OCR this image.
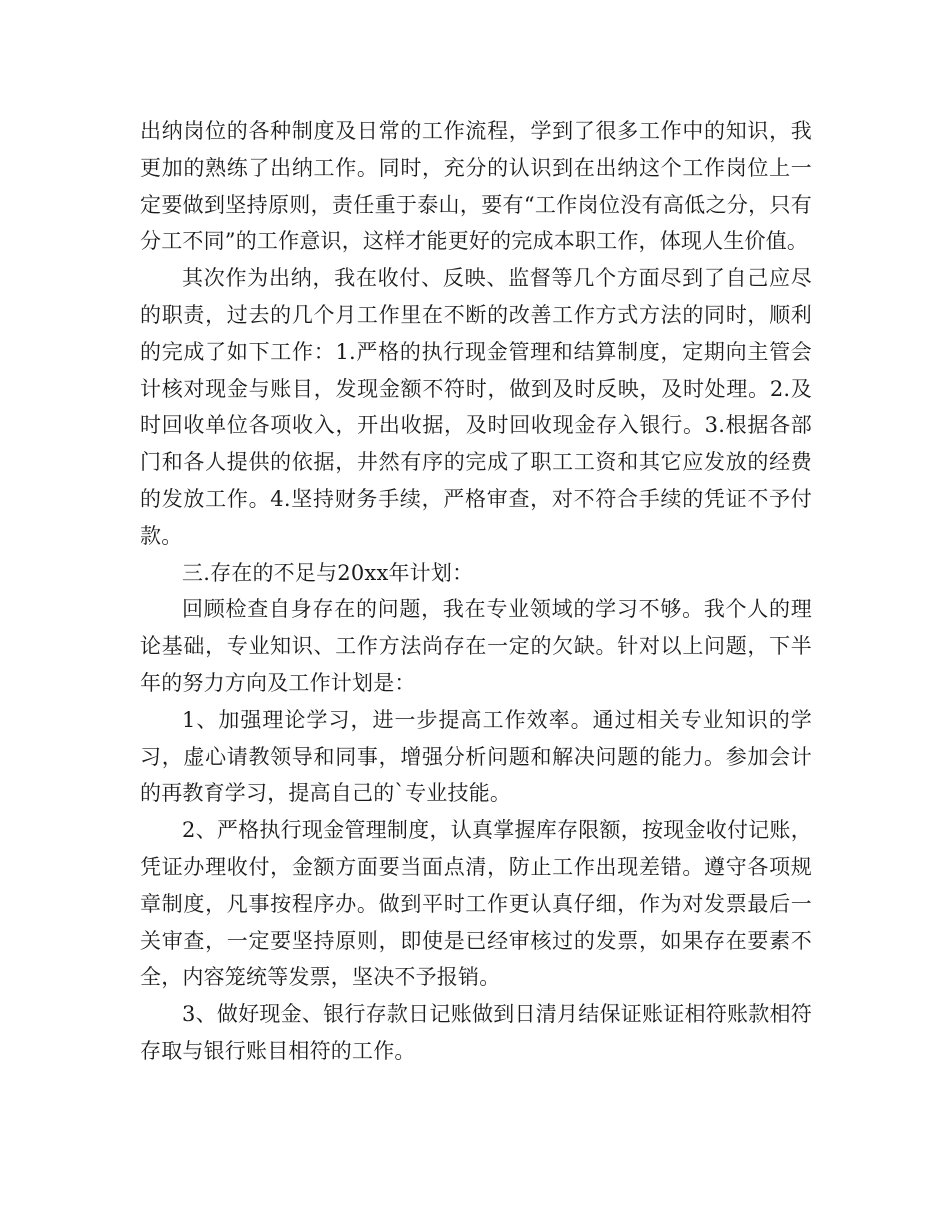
出纳岗位的各种制度及日常的工作流程，学到了很多工作中的知识，我更加的熟练了出纳工作。同时，充分的认识到在出纳这个工作岗位上一定要做到坚持原则，责任重于泰山，要有“工作岗位没有高低之分，只有分工不同”的工作意识，这样才能更好的完成本职工作，体现人生价值。

其次作为出纳，我在收付、反映、监督等几个方面尽到了自己应尽的职责，过去的几个月工作里在不断的改善工作方式方法的同时，顺利的完成了如下工作：1.严格的执行现金管理和结算制度，定期向主管会计核对现金与账目，发现金额不符时，做到及时反映，及时处理。2.及时回收单位各项收入，开出收据，及时回收现金存入银行。3.根据各部门和各人提供的依据，井然有序的完成了职工工资和其它应发放的经费的发放工作。4.坚持财务手续，严格审查，对不符合手续的凭证不予付款。

三.存在的不足与20xx年计划：

回顾检查自身存在的问题，我在专业领域的学习不够。我个人的理论基础，专业知识、工作方法尚存在一定的欠缺。针对以上问题，下半年的努力方向及工作计划是：

1、加强理论学习，进一步提高工作效率。通过相关专业知识的学习，虚心请教领导和同事，增强分析问题和解决问题的能力。参加会计的再教育学习，提高自己的`专业技能。

2、严格执行现金管理制度，认真掌握库存限额，按现金收付记账，凭证办理收付，金额方面要当面点清，防止工作出现差错。遵守各项规章制度，凡事按程序办。做到平时工作更认真仔细，作为对发票最后一关审查，一定要坚持原则，即使是已经审核过的发票，如果存在要素不全，内容笼统等发票，坚决不予报销。

3、做好现金、银行存款日记账做到日清月结保证账证相符账款相符存取与银行账目相符的工作。
